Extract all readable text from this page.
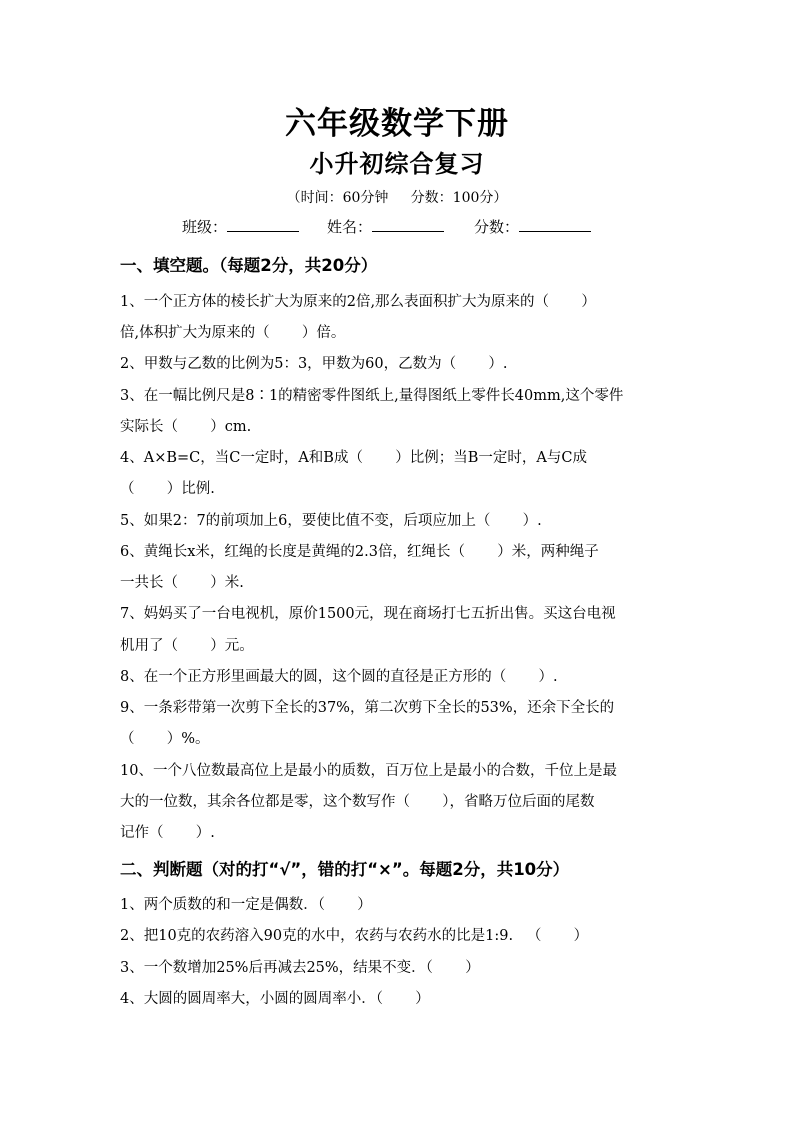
六年级数学下册
小升初综合复习
（时间：60分钟     分数：100分）
班级：	姓名：	分数：
一、填空题。（每题2分，共20分）

1、一个正方体的棱长扩大为原来的2倍,那么表面积扩大为原来的（       ）

倍,体积扩大为原来的（       ）倍。

2、甲数与乙数的比例为5：3，甲数为60，乙数为（       ）.

3、在一幅比例尺是8∶1的精密零件图纸上,量得图纸上零件长40mm,这个零件

实际长（       ）cm.

4、A×B=C，当C一定时，A和B成（       ）比例；当B一定时，A与C成

（       ）比例.

5、如果2：7的前项加上6，要使比值不变，后项应加上（       ）.

6、黄绳长x米，红绳的长度是黄绳的2.3倍，红绳长（       ）米，两种绳子

一共长（       ）米.

7、妈妈买了一台电视机，原价1500元，现在商场打七五折出售。买这台电视

机用了（       ）元。

8、在一个正方形里画最大的圆，这个圆的直径是正方形的（       ）.

9、一条彩带第一次剪下全长的37%，第二次剪下全长的53%，还余下全长的

（       ）%。

10、一个八位数最高位上是最小的质数，百万位上是最小的合数，千位上是最

大的一位数，其余各位都是零，这个数写作（       ），省略万位后面的尾数

记作（       ）.

二、判断题（对的打“√”，错的打“×”。每题2分，共10分）

1、两个质数的和一定是偶数．（       ）

2、把10克的农药溶入90克的水中，农药与农药水的比是1:9.   （       ）

3、一个数增加25%后再减去25%，结果不变．（       ）

4、大圆的圆周率大，小圆的圆周率小．（       ）
